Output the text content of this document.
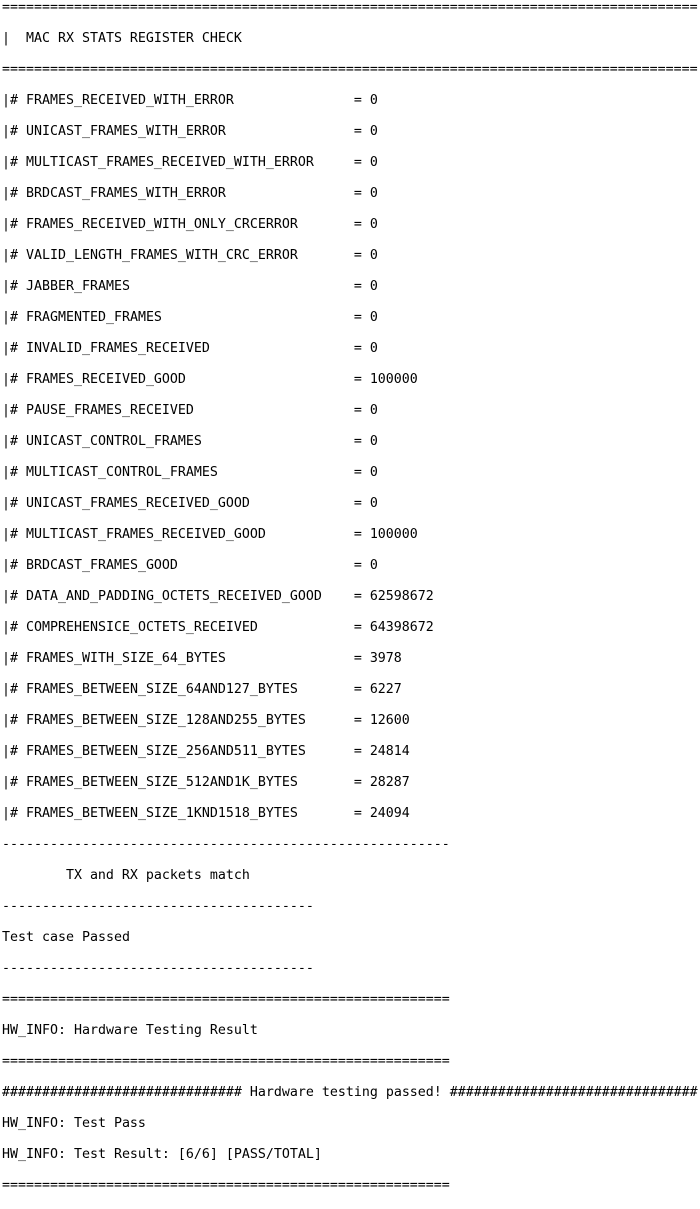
=======================================================================================

| MAC RX STATS REGISTER CHECK

=======================================================================================

|# FRAMES_RECEIVED_WITH_ERROR	= 0

|# UNICAST_FRAMES_WITH_ERROR	= 0

|# MULTICAST_FRAMES_RECEIVED_WITH_ERROR	= 0

|# BRDCAST_FRAMES_WITH_ERROR	= 0

|# FRAMES_RECEIVED_WITH_ONLY_CRCERROR	= 0

|# VALID_LENGTH_FRAMES_WITH_CRC_ERROR	= 0

|# JABBER_FRAMES	= 0

|# FRAGMENTED_FRAMES	= 0

|# INVALID_FRAMES_RECEIVED	= 0

|# FRAMES_RECEIVED_GOOD	= 100000

|# PAUSE_FRAMES_RECEIVED	= 0

|# UNICAST_CONTROL_FRAMES	= 0

|# MULTICAST_CONTROL_FRAMES	= 0

|# UNICAST_FRAMES_RECEIVED_GOOD	= 0

|# MULTICAST_FRAMES_RECEIVED_GOOD	= 100000

|# BRDCAST_FRAMES_GOOD	= 0

|# DATA_AND_PADDING_OCTETS_RECEIVED_GOOD = 62598672

|# COMPREHENSICE_OCTETS_RECEIVED	= 64398672

|# FRAMES_WITH_SIZE_64_BYTES	= 3978

|# FRAMES_BETWEEN_SIZE_64AND127_BYTES	= 6227

|# FRAMES_BETWEEN_SIZE_128AND255_BYTES	= 12600

|# FRAMES_BETWEEN_SIZE_256AND511_BYTES	= 24814

|# FRAMES_BETWEEN_SIZE_512AND1K_BYTES	= 28287

|# FRAMES_BETWEEN_SIZE_1KND1518_BYTES	= 24094

--------------------------------------------------------

TX and RX packets match

---------------------------------------

Test case Passed

---------------------------------------

========================================================

HW_INFO: Hardware Testing Result

========================================================

############################## Hardware testing passed! ###############################

HW_INFO: Test Pass

HW_INFO: Test Result: [6/6] [PASS/TOTAL]

========================================================
